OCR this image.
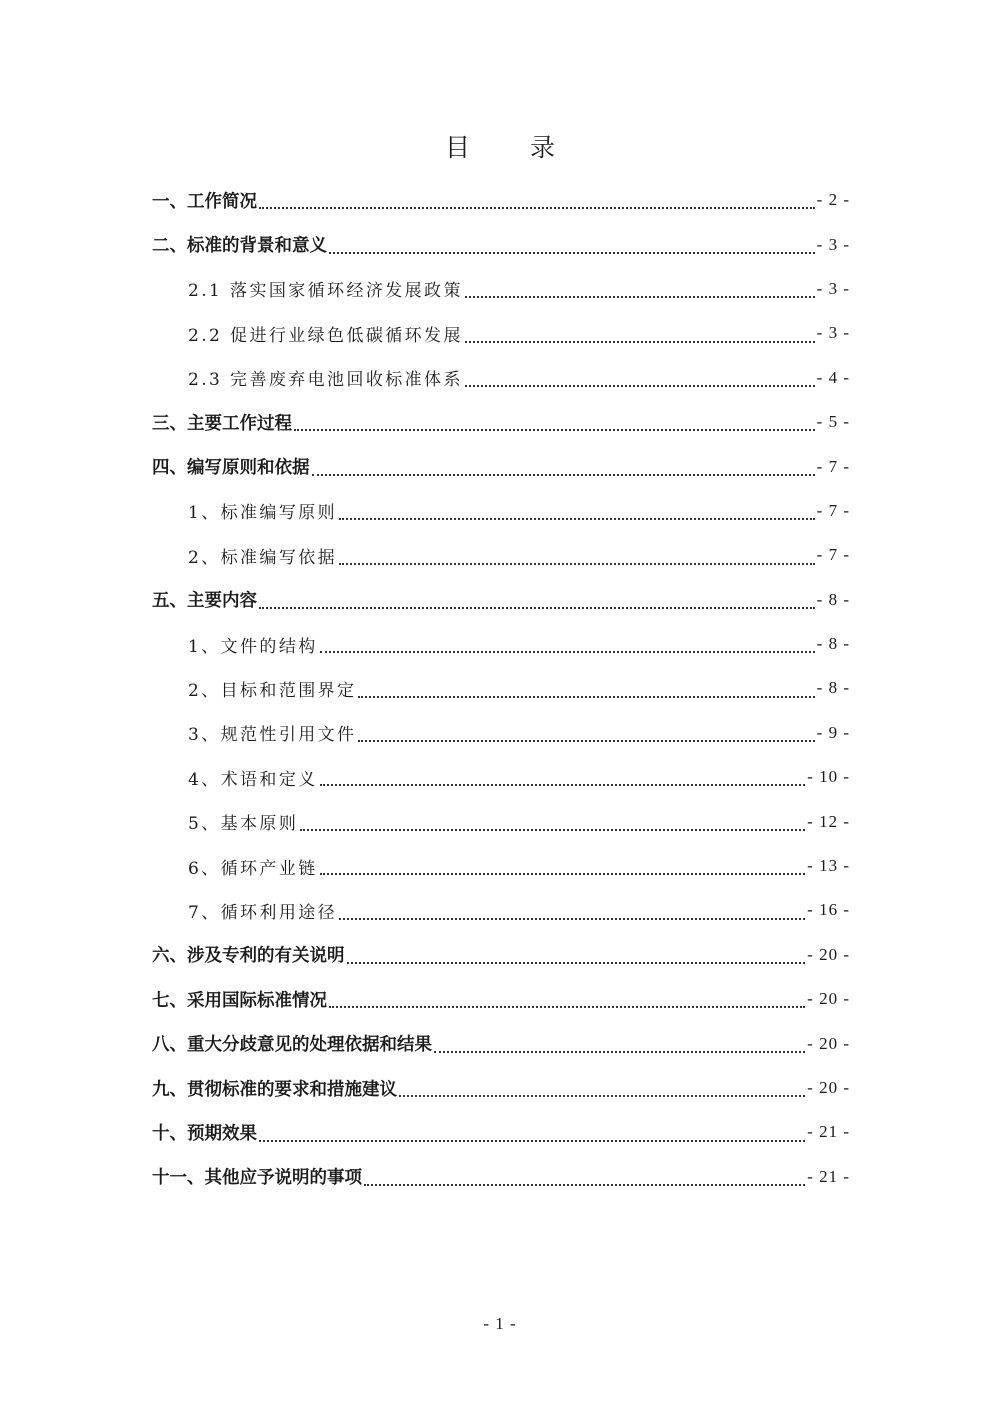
目 录
一、工作简况	- 2 -
二、标准的背景和意义	- 3 -
2.1 落实国家循环经济发展政策	- 3 -
2.2 促进行业绿色低碳循环发展	- 3 -
2.3 完善废弃电池回收标准体系	- 4 -
三、主要工作过程	- 5 -
四、编写原则和依据	- 7 -
1、标准编写原则	- 7 -
2、标准编写依据	- 7 -
五、主要内容	- 8 -
1、文件的结构	- 8 -
2、目标和范围界定	- 8 -
3、规范性引用文件	- 9 -
4、术语和定义	- 10 -
5、基本原则	- 12 -
6、循环产业链	- 13 -
7、循环利用途径	- 16 -
六、涉及专利的有关说明	- 20 -
七、采用国际标准情况	- 20 -
八、重大分歧意见的处理依据和结果	- 20 -
九、贯彻标准的要求和措施建议	- 20 -
十、预期效果	- 21 -
十一、其他应予说明的事项	- 21 -
- 1 -
